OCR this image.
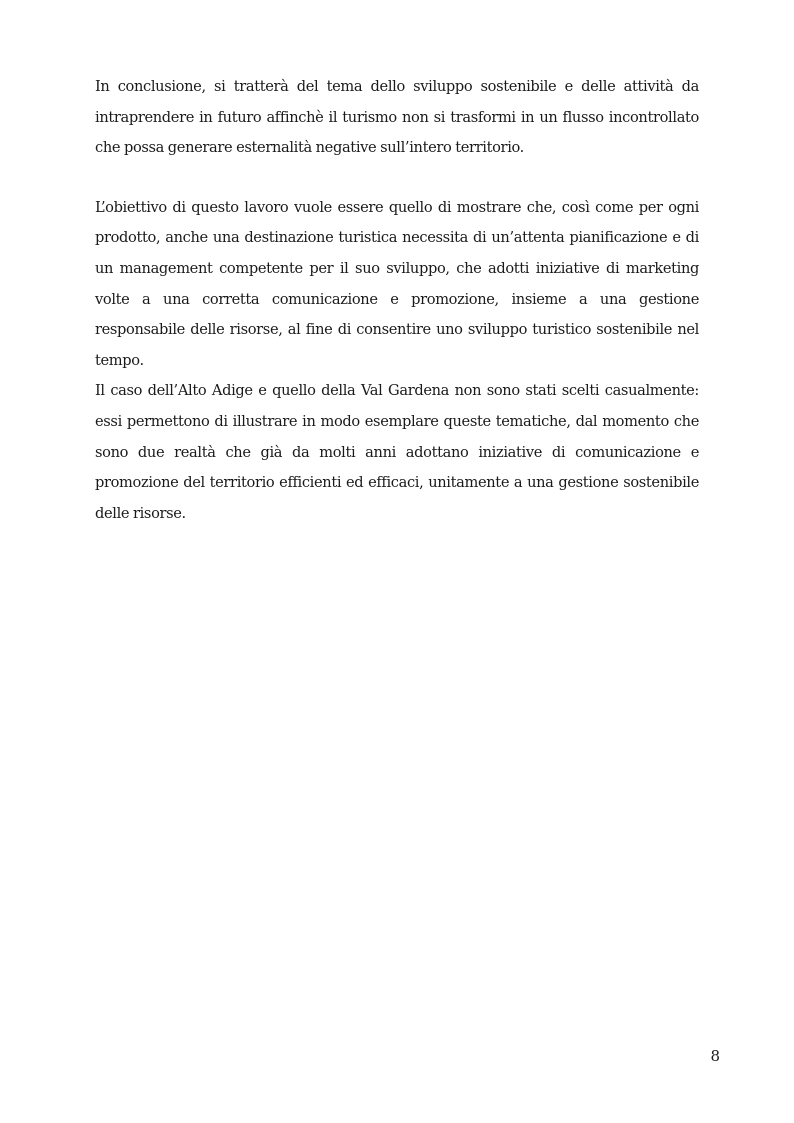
In conclusione, si tratterà del tema dello sviluppo sostenibile e delle attività da
intraprendere in futuro affinchè il turismo non si trasformi in un flusso incontrollato
che possa generare esternalità negative sull’intero territorio.

L’obiettivo di questo lavoro vuole essere quello di mostrare che, così come per ogni
prodotto, anche una destinazione turistica necessita di un’attenta pianificazione e di
un management competente per il suo sviluppo, che adotti iniziative di marketing
volte a una corretta comunicazione e promozione, insieme a una gestione
responsabile delle risorse, al fine di consentire uno sviluppo turistico sostenibile nel
tempo.

Il caso dell’Alto Adige e quello della Val Gardena non sono stati scelti casualmente:
essi permettono di illustrare in modo esemplare queste tematiche, dal momento che
sono due realtà che già da molti anni adottano iniziative di comunicazione e
promozione del territorio efficienti ed efficaci, unitamente a una gestione sostenibile
delle risorse.

8
